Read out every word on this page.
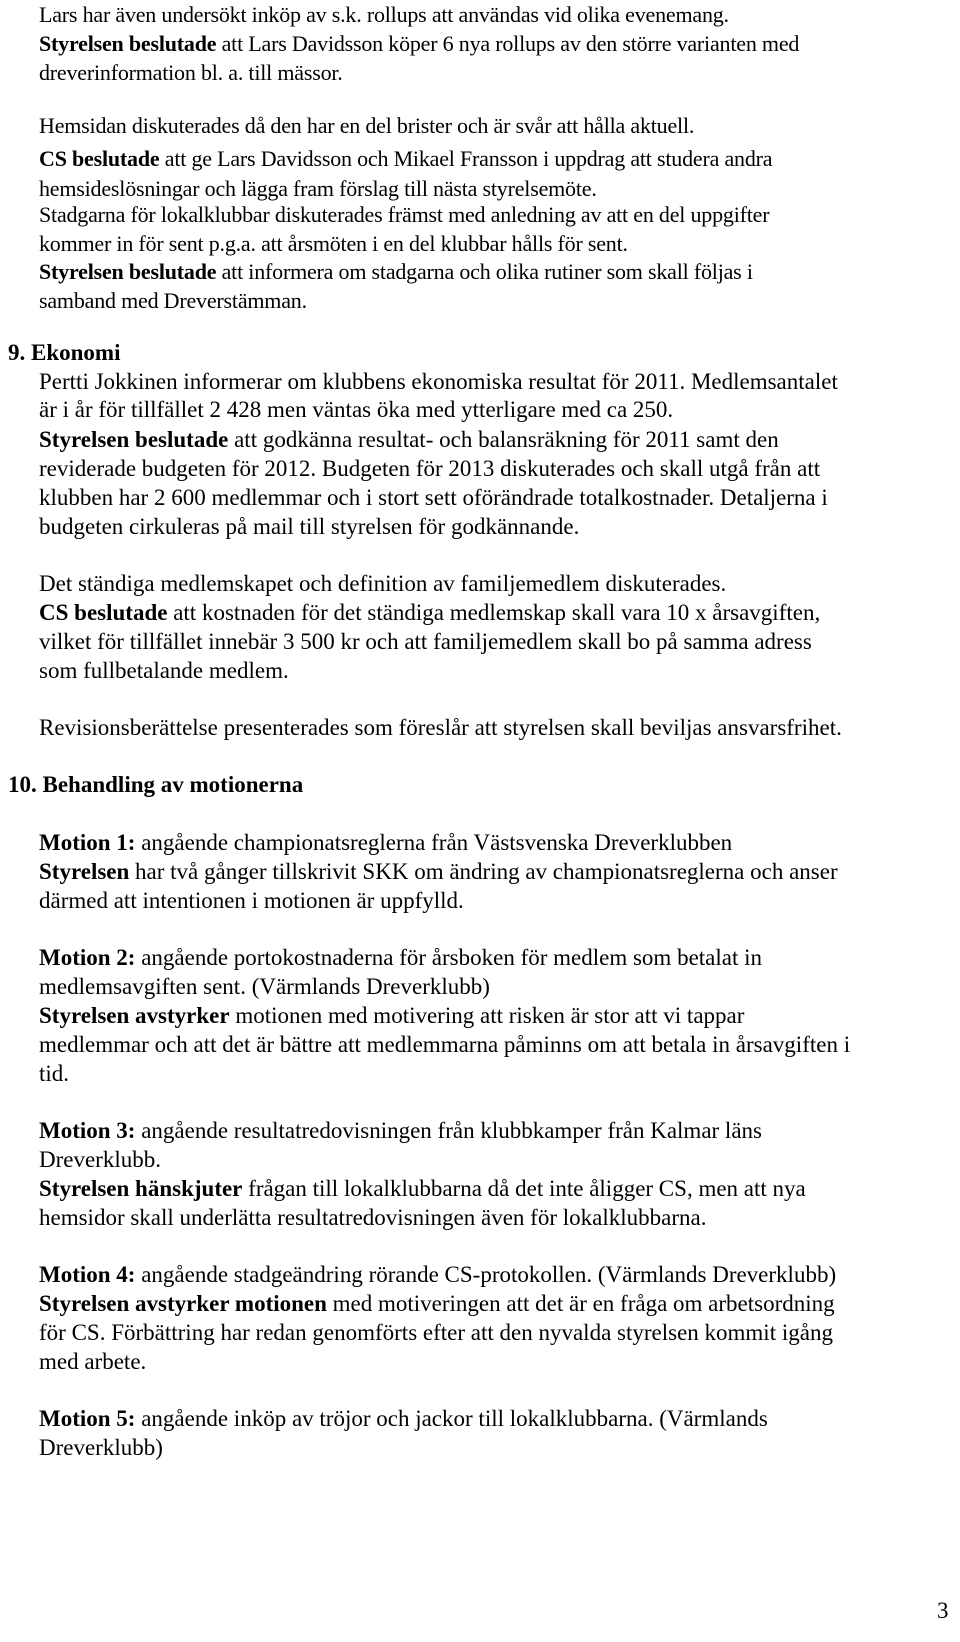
Lars har även undersökt inköp av s.k. rollups att användas vid olika evenemang.
Styrelsen beslutade att Lars Davidsson köper 6 nya rollups av den större varianten med
dreverinformation bl. a. till mässor.
Hemsidan diskuterades då den har en del brister och är svår att hålla aktuell.
CS beslutade att ge Lars Davidsson och Mikael Fransson i uppdrag att studera andra
hemsideslösningar och lägga fram förslag till nästa styrelsemöte.
Stadgarna för lokalklubbar diskuterades främst med anledning av att en del uppgifter
kommer in för sent p.g.a. att årsmöten i en del klubbar hålls för sent.
Styrelsen beslutade att informera om stadgarna och olika rutiner som skall följas i
samband med Dreverstämman.
9. Ekonomi
Pertti Jokkinen informerar om klubbens ekonomiska resultat för 2011. Medlemsantalet
är i år för tillfället 2 428 men väntas öka med ytterligare med ca 250.
Styrelsen beslutade att godkänna resultat- och balansräkning för 2011 samt den
reviderade budgeten för 2012. Budgeten för 2013 diskuterades och skall utgå från att
klubben har 2 600 medlemmar och i stort sett oförändrade totalkostnader. Detaljerna i
budgeten cirkuleras på mail till styrelsen för godkännande.
Det ständiga medlemskapet och definition av familjemedlem diskuterades.
CS beslutade att kostnaden för det ständiga medlemskap skall vara 10 x årsavgiften,
vilket för tillfället innebär 3 500 kr och att familjemedlem skall bo på samma adress
som fullbetalande medlem.
Revisionsberättelse presenterades som föreslår att styrelsen skall beviljas ansvarsfrihet.
10. Behandling av motionerna
Motion 1: angående championatsreglerna från Västsvenska Dreverklubben
Styrelsen har två gånger tillskrivit SKK om ändring av championatsreglerna och anser
därmed att intentionen i motionen är uppfylld.
Motion 2: angående portokostnaderna för årsboken för medlem som betalat in
medlemsavgiften sent. (Värmlands Dreverklubb)
Styrelsen avstyrker motionen med motivering att risken är stor att vi tappar
medlemmar och att det är bättre att medlemmarna påminns om att betala in årsavgiften i
tid.
Motion 3: angående resultatredovisningen från klubbkamper från Kalmar läns
Dreverklubb.
Styrelsen hänskjuter frågan till lokalklubbarna då det inte åligger CS, men att nya
hemsidor skall underlätta resultatredovisningen även för lokalklubbarna.
Motion 4: angående stadgeändring rörande CS-protokollen. (Värmlands Dreverklubb)
Styrelsen avstyrker motionen med motiveringen att det är en fråga om arbetsordning
för CS. Förbättring har redan genomförts efter att den nyvalda styrelsen kommit igång
med arbete.
Motion 5: angående inköp av tröjor och jackor till lokalklubbarna. (Värmlands
Dreverklubb)
3
